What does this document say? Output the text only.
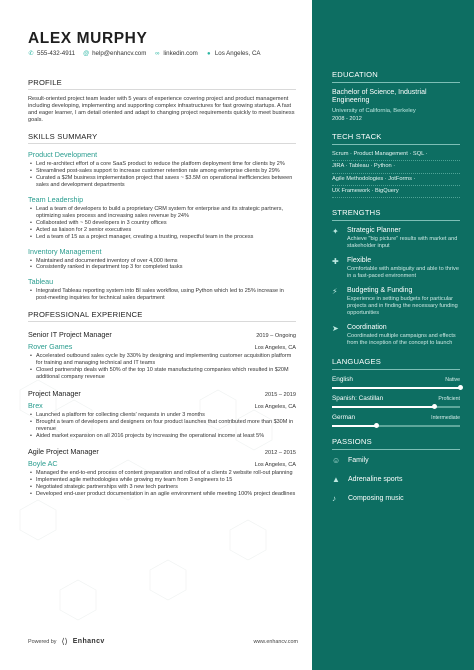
ALEX MURPHY
✆ 555-432-4911 @ help@enhancv.com ∞ linkedin.com ● Los Angeles, CA
PROFILE
Result-oriented project team leader with 5 years of experience covering project and product management including developing, implementing and supporting complex infrastructures for fast growing startups. A fast and eager learner, I am detail oriented and adapt to changing project requirements quickly to meet business goals.
SKILLS SUMMARY
Product Development
• Led re-architect effort of a core SaaS product to reduce the platform deployment time for clients by 2%
• Streamlined post-sales support to increase customer retention rate among enterprise clients by 29%
• Curated a $2M business implementation project that saves ~ $3.5M on operational inefficiencies between sales and development departments
Team Leadership
• Lead a team of developers to build a proprietary CRM system for enterprise and its strategic partners, optimizing sales process and increasing sales revenue by 24%
• Collaborated with ~ 50 developers in 3 country offices
• Acted as liaison for 2 senior executives
• Led a team of 15 as a project manager, creating a trusting, respectful team in the process
Inventory Management
• Maintained and documented inventory of over 4,000 items
• Consistently ranked in department top 3 for completed tasks
Tableau
• Integrated Tableau reporting system into BI sales workflow, using Python which led to 25% increase in post-meeting inquiries for technical sales department
PROFESSIONAL EXPERIENCE
Senior IT Project Manager	2019 – Ongoing
Rover Games	Los Angeles, CA
• Accelerated outbound sales cycle by 330% by designing and implementing customer acquisition platform for training and managing technical and IT teams
• Closed partnership deals with 50% of the top 10 state manufacturing companies which resulted in $20M additional company revenue
Project Manager	2015 – 2019
Brex	Los Angeles, CA
• Launched a platform for collecting clients' requests in under 3 months
• Brought a team of developers and designers on four product launches that contributed more than $30M in revenue
• Aided market expansion on all 2016 projects by increasing the operational income at least 5%
Agile Project Manager	2012 – 2015
Boyle AC	Los Angeles, CA
• Managed the end-to-end process of content preparation and rollout of a clients 2 website roll-out planning
• Implemented agile methodologies while growing my team from 3 engineers to 15
• Negotiated strategic partnerships with 3 new tech partners
• Developed end-user product documentation in an agile environment while meeting 100% project deadlines
EDUCATION
Bachelor of Science, Industrial Engineering
University of California, Berkeley
2008 - 2012
TECH STACK
Scrum · Product Management · SQL ·
JIRA · Tableau · Python ·
Agile Methodologies · JotForms ·
UX Framework · BigQuery
STRENGTHS
✦	Strategic Planner
Achieve "big picture" results with market and stakeholder input
✚	Flexible
Comfortable with ambiguity and able to thrive in a fast-paced environment
⚡	Budgeting & Funding
Experience in setting budgets for particular projects and in finding the necessary funding opportunities
➤	Coordination
Coordinated multiple campaigns and effects from the inception of the concept to launch
LANGUAGES
English	Native
Spanish: Castillan	Proficient
German	Intermediate
PASSIONS
☺ Family
▲ Adrenaline sports
♪	Composing music
Powered by ⟨⟩ Enhancv	www.enhancv.com
